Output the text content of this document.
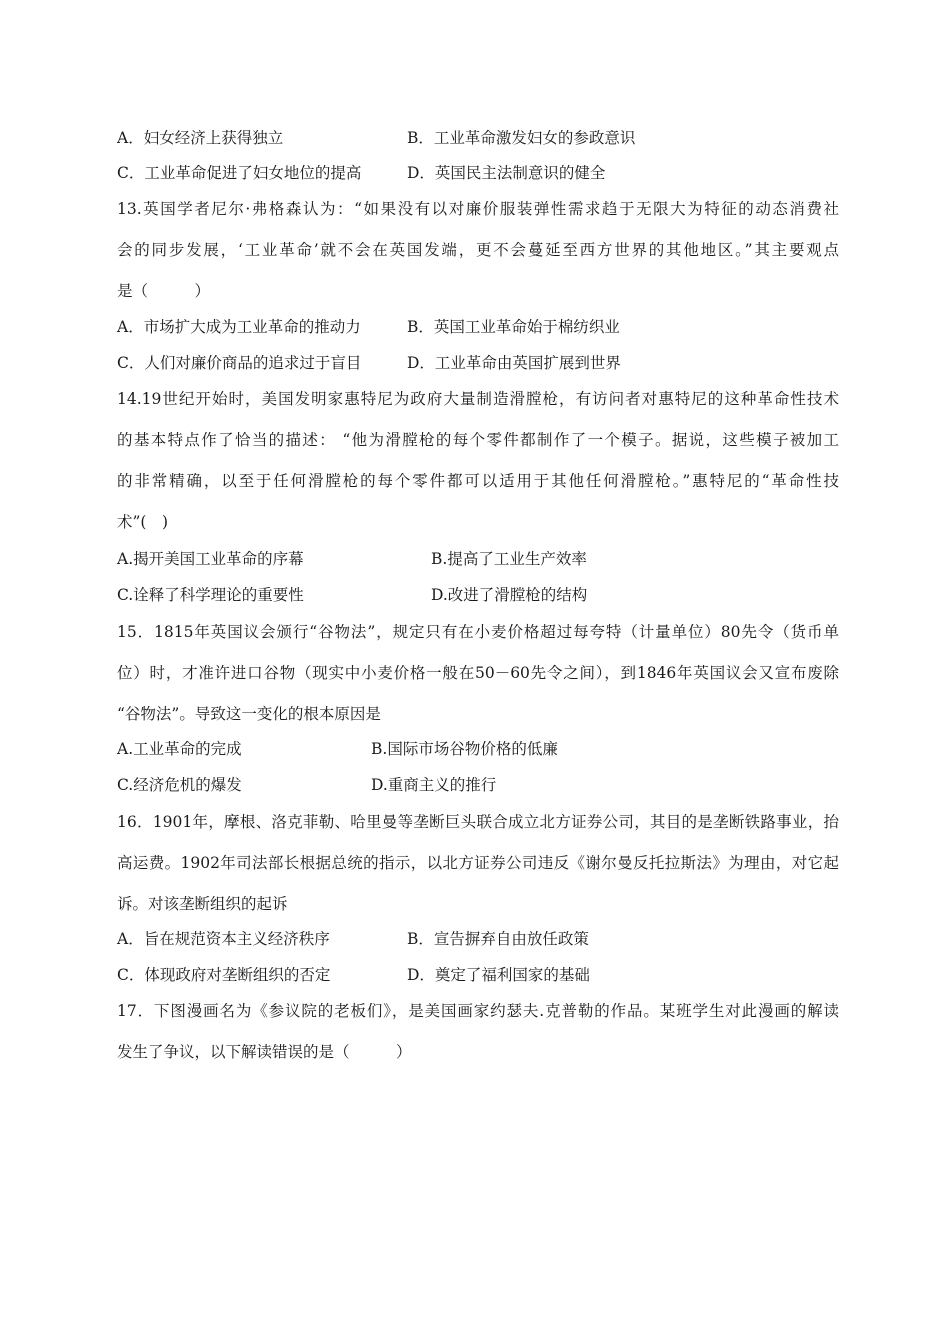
A．妇女经济上获得独立	B．工业革命激发妇女的参政意识
C．工业革命促进了妇女地位的提高	D．英国民主法制意识的健全
13.英国学者尼尔·弗格森认为：“如果没有以对廉价服装弹性需求趋于无限大为特征的动态消费社
会的同步发展，‘工业革命’就不会在英国发端，更不会蔓延至西方世界的其他地区。”其主要观点
是（　　　）
A．市场扩大成为工业革命的推动力	B．英国工业革命始于棉纺织业
C．人们对廉价商品的追求过于盲目	D．工业革命由英国扩展到世界
14.19世纪开始时，美国发明家惠特尼为政府大量制造滑膛枪，有访问者对惠特尼的这种革命性技术
的基本特点作了恰当的描述： “他为滑膛枪的每个零件都制作了一个模子。据说，这些模子被加工
的非常精确，以至于任何滑膛枪的每个零件都可以适用于其他任何滑膛枪。”惠特尼的“革命性技
术”(　)
A.揭开美国工业革命的序幕	B.提高了工业生产效率
C.诠释了科学理论的重要性	D.改进了滑膛枪的结构
15．1815年英国议会颁行“谷物法”，规定只有在小麦价格超过每夸特（计量单位）80先令（货币单
位）时，才准许进口谷物（现实中小麦价格一般在50－60先令之间），到1846年英国议会又宣布废除
“谷物法”。导致这一变化的根本原因是
A.工业革命的完成	B.国际市场谷物价格的低廉
C.经济危机的爆发	D.重商主义的推行
16．1901年，摩根、洛克菲勒、哈里曼等垄断巨头联合成立北方证券公司，其目的是垄断铁路事业，抬
高运费。1902年司法部长根据总统的指示，以北方证券公司违反《谢尔曼反托拉斯法》为理由，对它起
诉。对该垄断组织的起诉
A．旨在规范资本主义经济秩序	B．宣告摒弃自由放任政策
C．体现政府对垄断组织的否定	D．奠定了福利国家的基础
17．下图漫画名为《参议院的老板们》，是美国画家约瑟夫.克普勒的作品。某班学生对此漫画的解读
发生了争议，以下解读错误的是（　　　）
